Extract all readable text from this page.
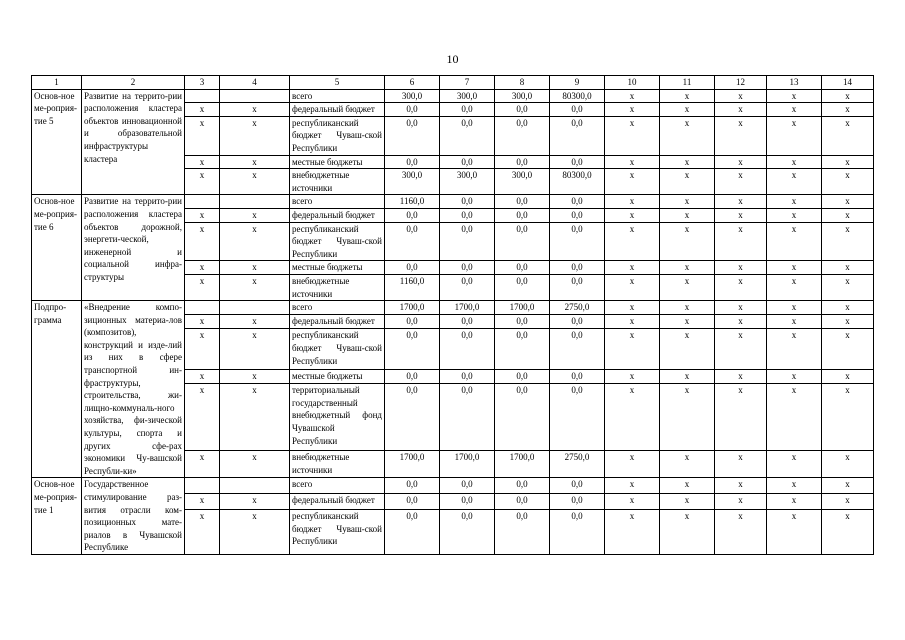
10
1	2	3	4	5	6	7	8	9	10	11	12	13	14
Основ-ное ме-роприя-тие 5	Развитие на террито-рии расположения кластера объектов инновационной и образовательной инфраструктуры кластера			всего	300,0	300,0	300,0	80300,0	х	х	х	х	х
		х	х	федеральный бюджет	0,0	0,0	0,0	0,0	х	х	х	х	х
		х	х	республиканский бюджет Чуваш-ской Республики	0,0	0,0	0,0	0,0	х	х	х	х	х
		х	х	местные бюджеты	0,0	0,0	0,0	0,0	х	х	х	х	х
		х	х	внебюджетные источники	300,0	300,0	300,0	80300,0	х	х	х	х	х
Основ-ное ме-роприя-тие 6	Развитие на террито-рии расположения кластера объектов дорожной, энергети-ческой, инженерной и социальной инфра-структуры			всего	1160,0	0,0	0,0	0,0	х	х	х	х	х
		х	х	федеральный бюджет	0,0	0,0	0,0	0,0	х	х	х	х	х
		х	х	республиканский бюджет Чуваш-ской Республики	0,0	0,0	0,0	0,0	х	х	х	х	х
		х	х	местные бюджеты	0,0	0,0	0,0	0,0	х	х	х	х	х
		х	х	внебюджетные источники	1160,0	0,0	0,0	0,0	х	х	х	х	х
Подпро-грамма	«Внедрение компо-зиционных материа-лов (композитов), конструкций и изде-лий из них в сфере транспортной ин-фраструктуры, строительства, жи-лищно-коммуналь-ного хозяйства, фи-зической культуры, спорта и других сфе-рах экономики Чу-вашской Республи-ки»			всего	1700,0	1700,0	1700,0	2750,0	х	х	х	х	х
		х	х	федеральный бюджет	0,0	0,0	0,0	0,0	х	х	х	х	х
		х	х	республиканский бюджет Чуваш-ской Республики	0,0	0,0	0,0	0,0	х	х	х	х	х
		х	х	местные бюджеты	0,0	0,0	0,0	0,0	х	х	х	х	х
		х	х	территориальный государственный внебюджетный фонд Чувашской Республики	0,0	0,0	0,0	0,0	х	х	х	х	х
		х	х	внебюджетные источники	1700,0	1700,0	1700,0	2750,0	х	х	х	х	х
Основ-ное ме-роприя-тие 1	Государственное стимулирование раз-вития отрасли ком-позиционных мате-риалов в Чувашской Республике			всего	0,0	0,0	0,0	0,0	х	х	х	х	х
		х	х	федеральный бюджет	0,0	0,0	0,0	0,0	х	х	х	х	х
		х	х	республиканский бюджет Чуваш-ской Республики	0,0	0,0	0,0	0,0	х	х	х	х	х
